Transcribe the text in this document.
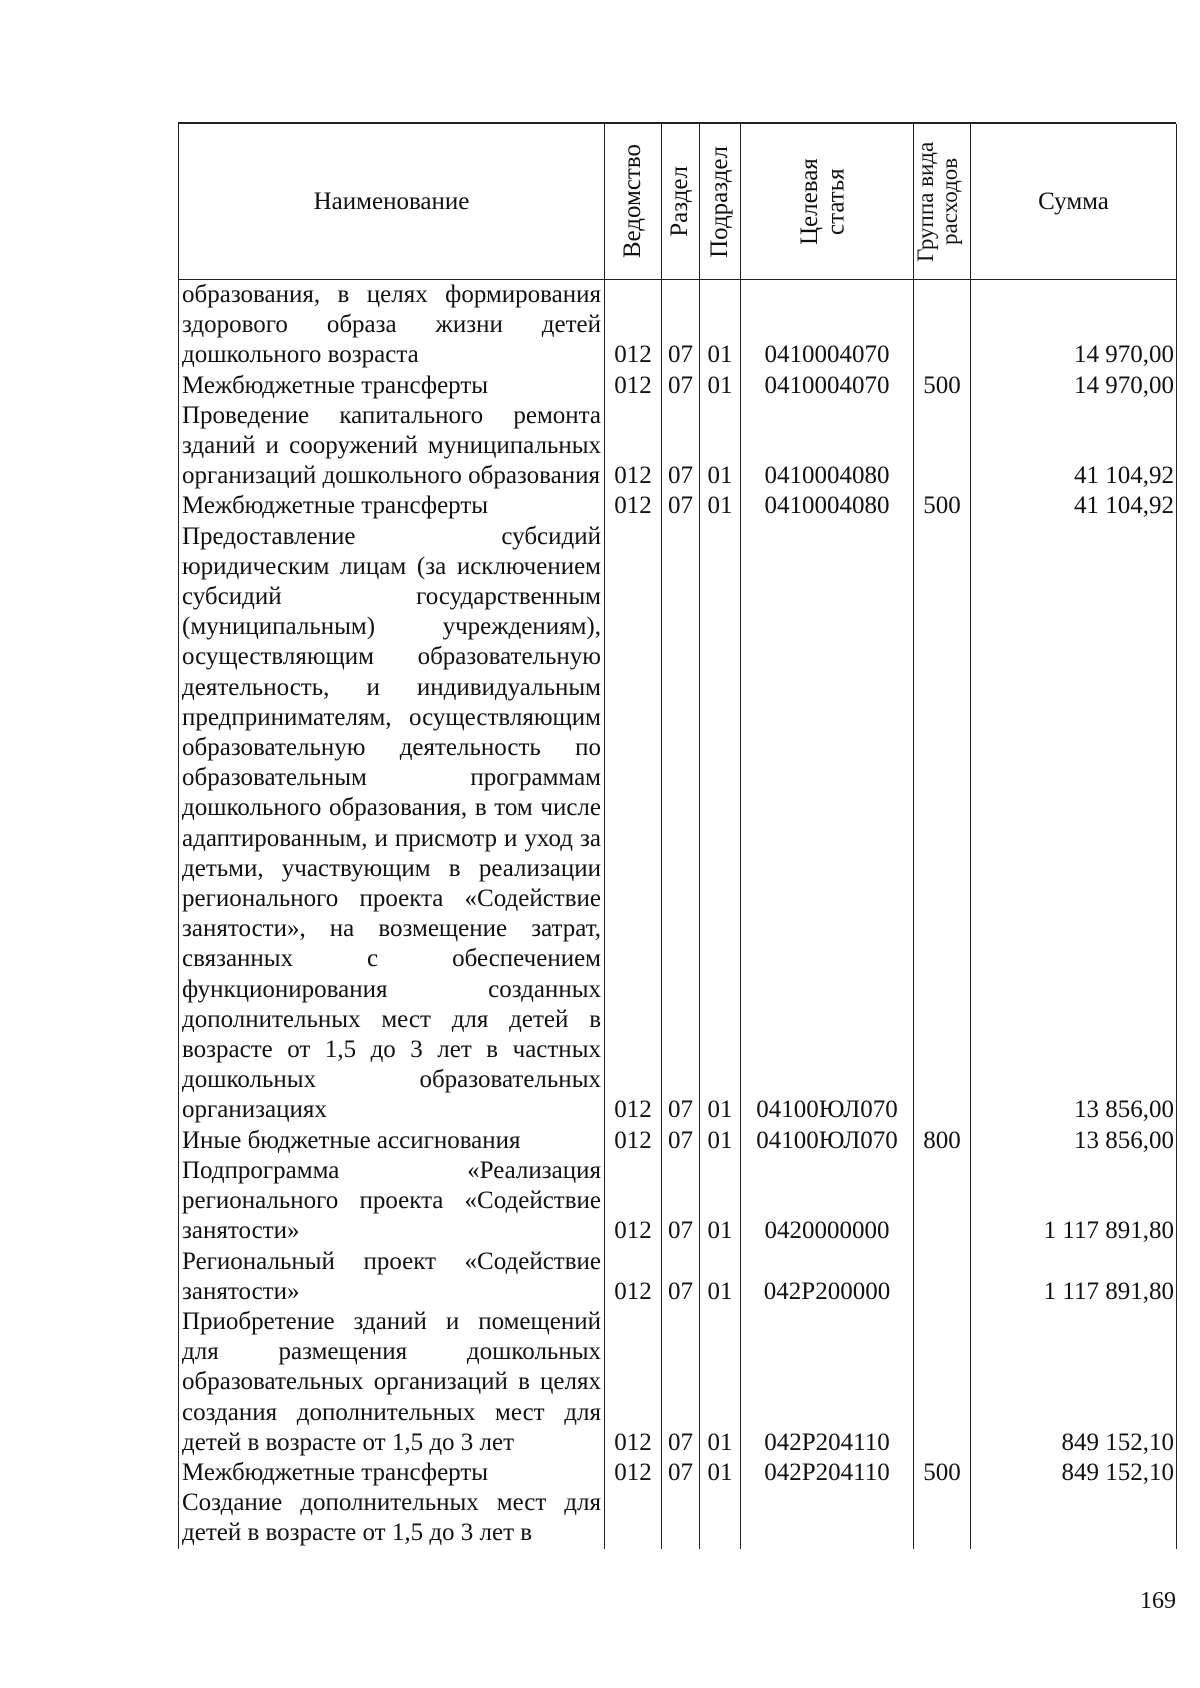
Наименование	Ведомство	Раздел	Подраздел	Целевая статья	Группа вида расходов	Сумма
образования, в целях формирования здорового образа жизни детей дошкольного возраста	012	07	01	0410004070		14 970,00
Межбюджетные трансферты	012	07	01	0410004070	500	14 970,00
Проведение капитального ремонта зданий и сооружений муниципальных организаций дошкольного образования	012	07	01	0410004080		41 104,92
Межбюджетные трансферты	012	07	01	0410004080	500	41 104,92
Предоставление субсидий юридическим лицам (за исключением субсидий государственным (муниципальным) учреждениям), осуществляющим образовательную деятельность, и индивидуальным предпринимателям, осуществляющим образовательную деятельность по образовательным программам дошкольного образования, в том числе адаптированным, и присмотр и уход за детьми, участвующим в реализации регионального проекта «Содействие занятости», на возмещение затрат, связанных с обеспечением функционирования созданных дополнительных мест для детей в возрасте от 1,5 до 3 лет в частных дошкольных образовательных организациях	012	07	01	04100ЮЛ070		13 856,00
Иные бюджетные ассигнования	012	07	01	04100ЮЛ070	800	13 856,00
Подпрограмма «Реализация регионального проекта «Содействие занятости»	012	07	01	0420000000		1 117 891,80
Региональный проект «Содействие занятости»	012	07	01	042P200000		1 117 891,80
Приобретение зданий и помещений для размещения дошкольных образовательных организаций в целях создания дополнительных мест для детей в возрасте от 1,5 до 3 лет	012	07	01	042P204110		849 152,10
Межбюджетные трансферты	012	07	01	042P204110	500	849 152,10
Создание дополнительных мест для детей в возрасте от 1,5 до 3 лет в						
169
